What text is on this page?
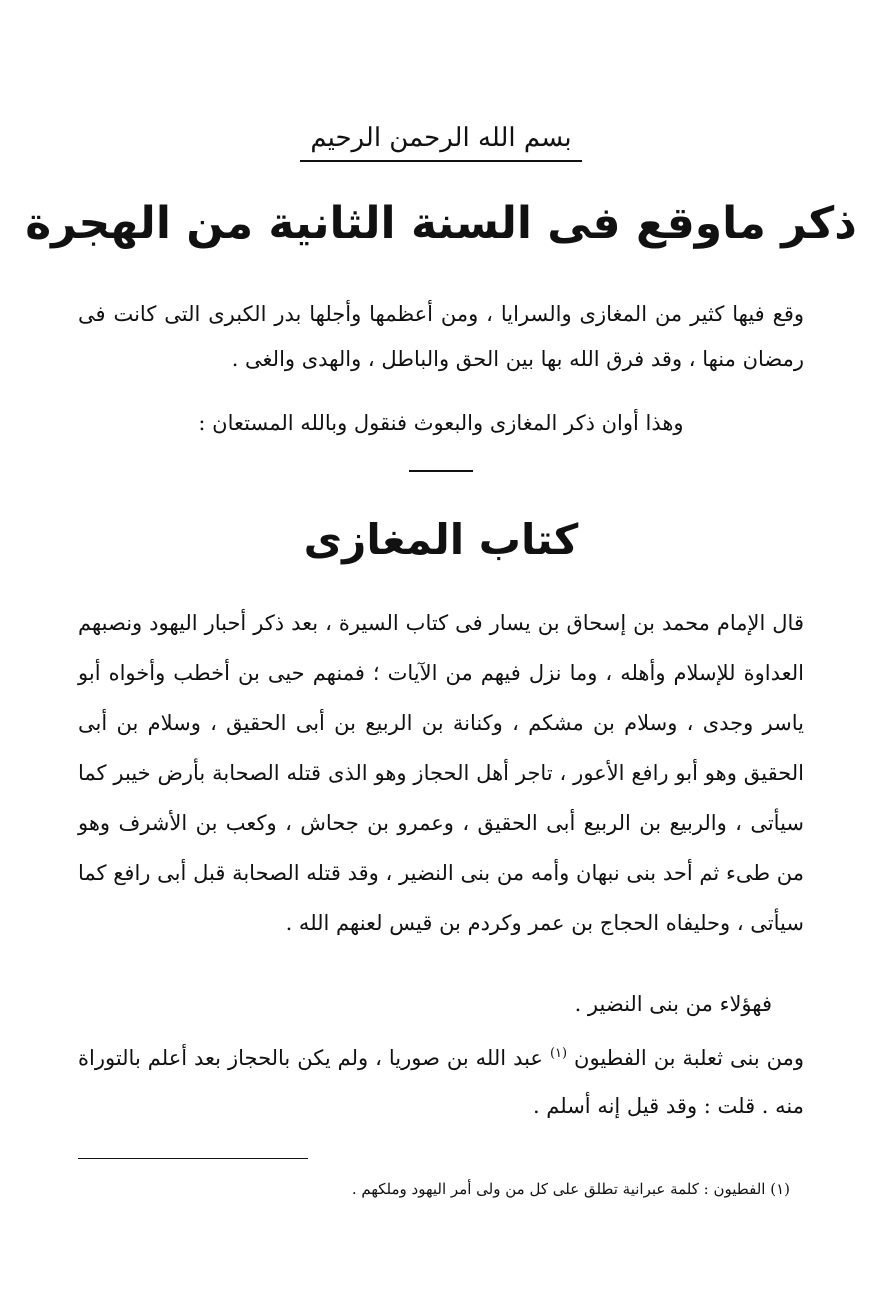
بسم الله الرحمن الرحيم
ذكر ماوقع فى السنة الثانية من الهجرة

وقع فيها كثير من المغازى والسرايا ، ومن أعظمها وأجلها بدر الكبرى التى كانت فى رمضان منها ، وقد فرق الله بها بين الحق والباطل ، والهدى والغى .

وهذا أوان ذكر المغازى والبعوث فنقول وبالله المستعان :

كتاب المغازى

قال الإمام محمد بن إسحاق بن يسار فى كتاب السيرة ، بعد ذكر أحبار اليهود ونصبهم العداوة للإسلام وأهله ، وما نزل فيهم من الآيات ؛ فمنهم حيى بن أخطب وأخواه أبو ياسر وجدى ، وسلام بن مشكم ، وكنانة بن الربيع بن أبى الحقيق ، وسلام بن أبى الحقيق وهو أبو رافع الأعور ، تاجر أهل الحجاز وهو الذى قتله الصحابة بأرض خيبر كما سيأتى ، والربيع بن الربيع أبى الحقيق ، وعمرو بن جحاش ، وكعب بن الأشرف وهو من طىء ثم أحد بنى نبهان وأمه من بنى النضير ، وقد قتله الصحابة قبل أبى رافع كما سيأتى ، وحليفاه الحجاج بن عمر وكردم بن قيس لعنهم الله .

فهؤلاء من بنى النضير .

ومن بنى ثعلبة بن الفطيون $^{(١)}$ عبد الله بن صوريا ، ولم يكن بالحجاز بعد أعلم بالتوراة منه . قلت : وقد قيل إنه أسلم .

(١) الفطيون : كلمة عبرانية تطلق على كل من ولى أمر اليهود وملكهم .
